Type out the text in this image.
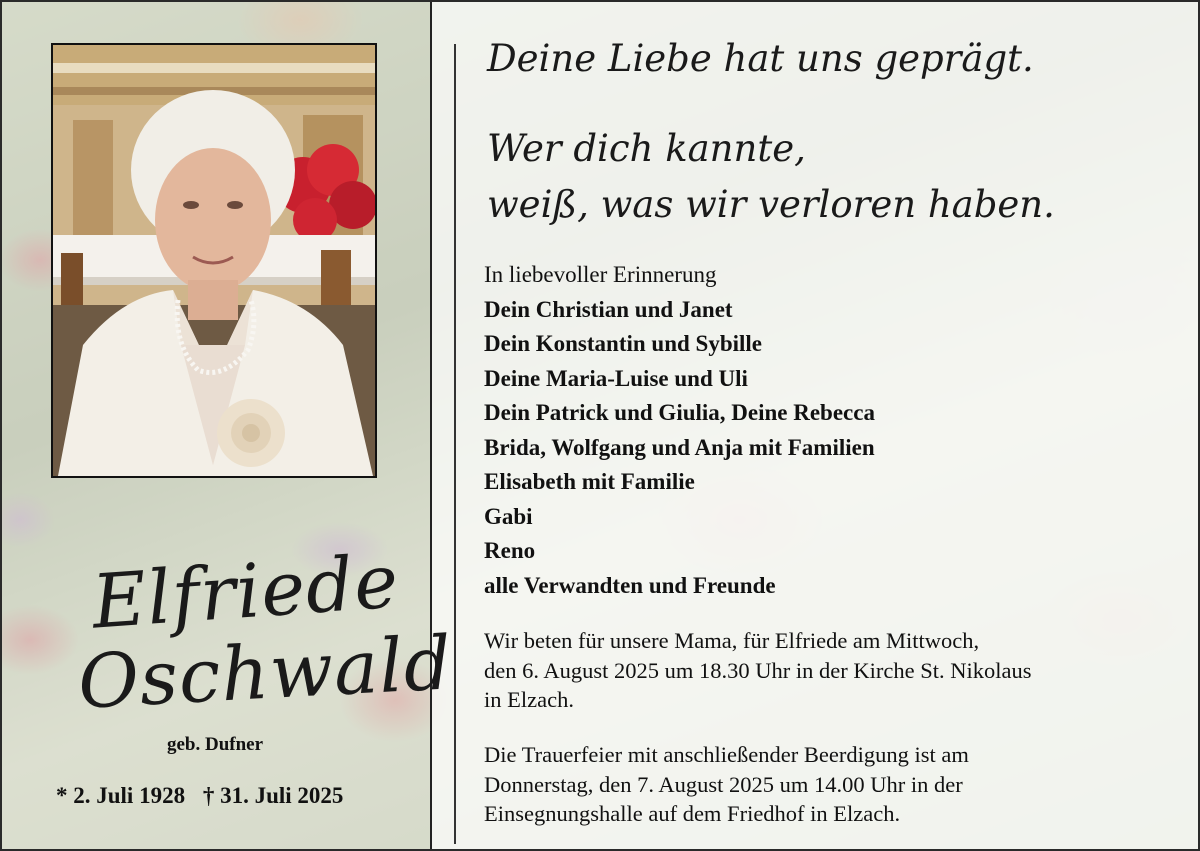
Elfriede
Oschwald
geb. Dufner
* 2. Juli 1928 † 31. Juli 2025
Deine Liebe hat uns geprägt.
Wer dich kannte,
weiß, was wir verloren haben.
In liebevoller Erinnerung
Dein Christian und Janet
Dein Konstantin und Sybille
Deine Maria-Luise und Uli
Dein Patrick und Giulia, Deine Rebecca
Brida, Wolfgang und Anja mit Familien
Elisabeth mit Familie
Gabi
Reno
alle Verwandten und Freunde
Wir beten für unsere Mama, für Elfriede am Mittwoch,
den 6. August 2025 um 18.30 Uhr in der Kirche St. Nikolaus
in Elzach.
Die Trauerfeier mit anschließender Beerdigung ist am
Donnerstag, den 7. August 2025 um 14.00 Uhr in der
Einsegnungshalle auf dem Friedhof in Elzach.
